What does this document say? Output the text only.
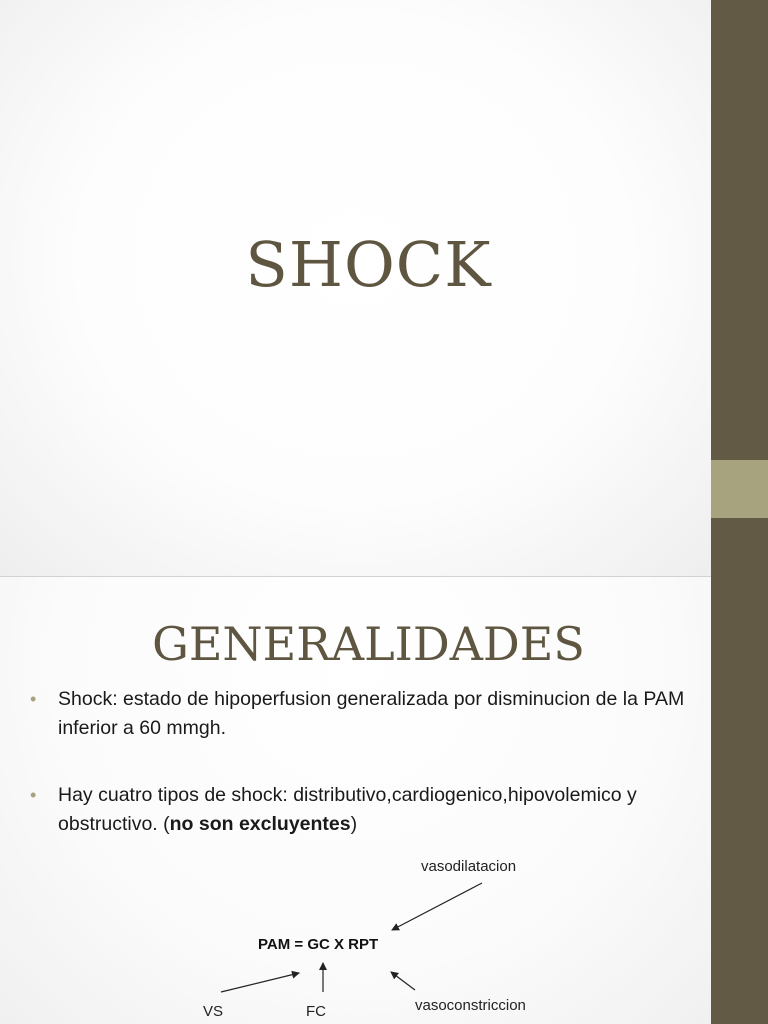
SHOCK
GENERALIDADES
• Shock: estado de hipoperfusion generalizada por disminucion de la PAM inferior a 60 mmgh.
• Hay cuatro tipos de shock: distributivo,cardiogenico,hipovolemico y obstructivo. (no son excluyentes)
vasodilatacion
PAM = GC X RPT
vasoconstriccion
VS	FC
